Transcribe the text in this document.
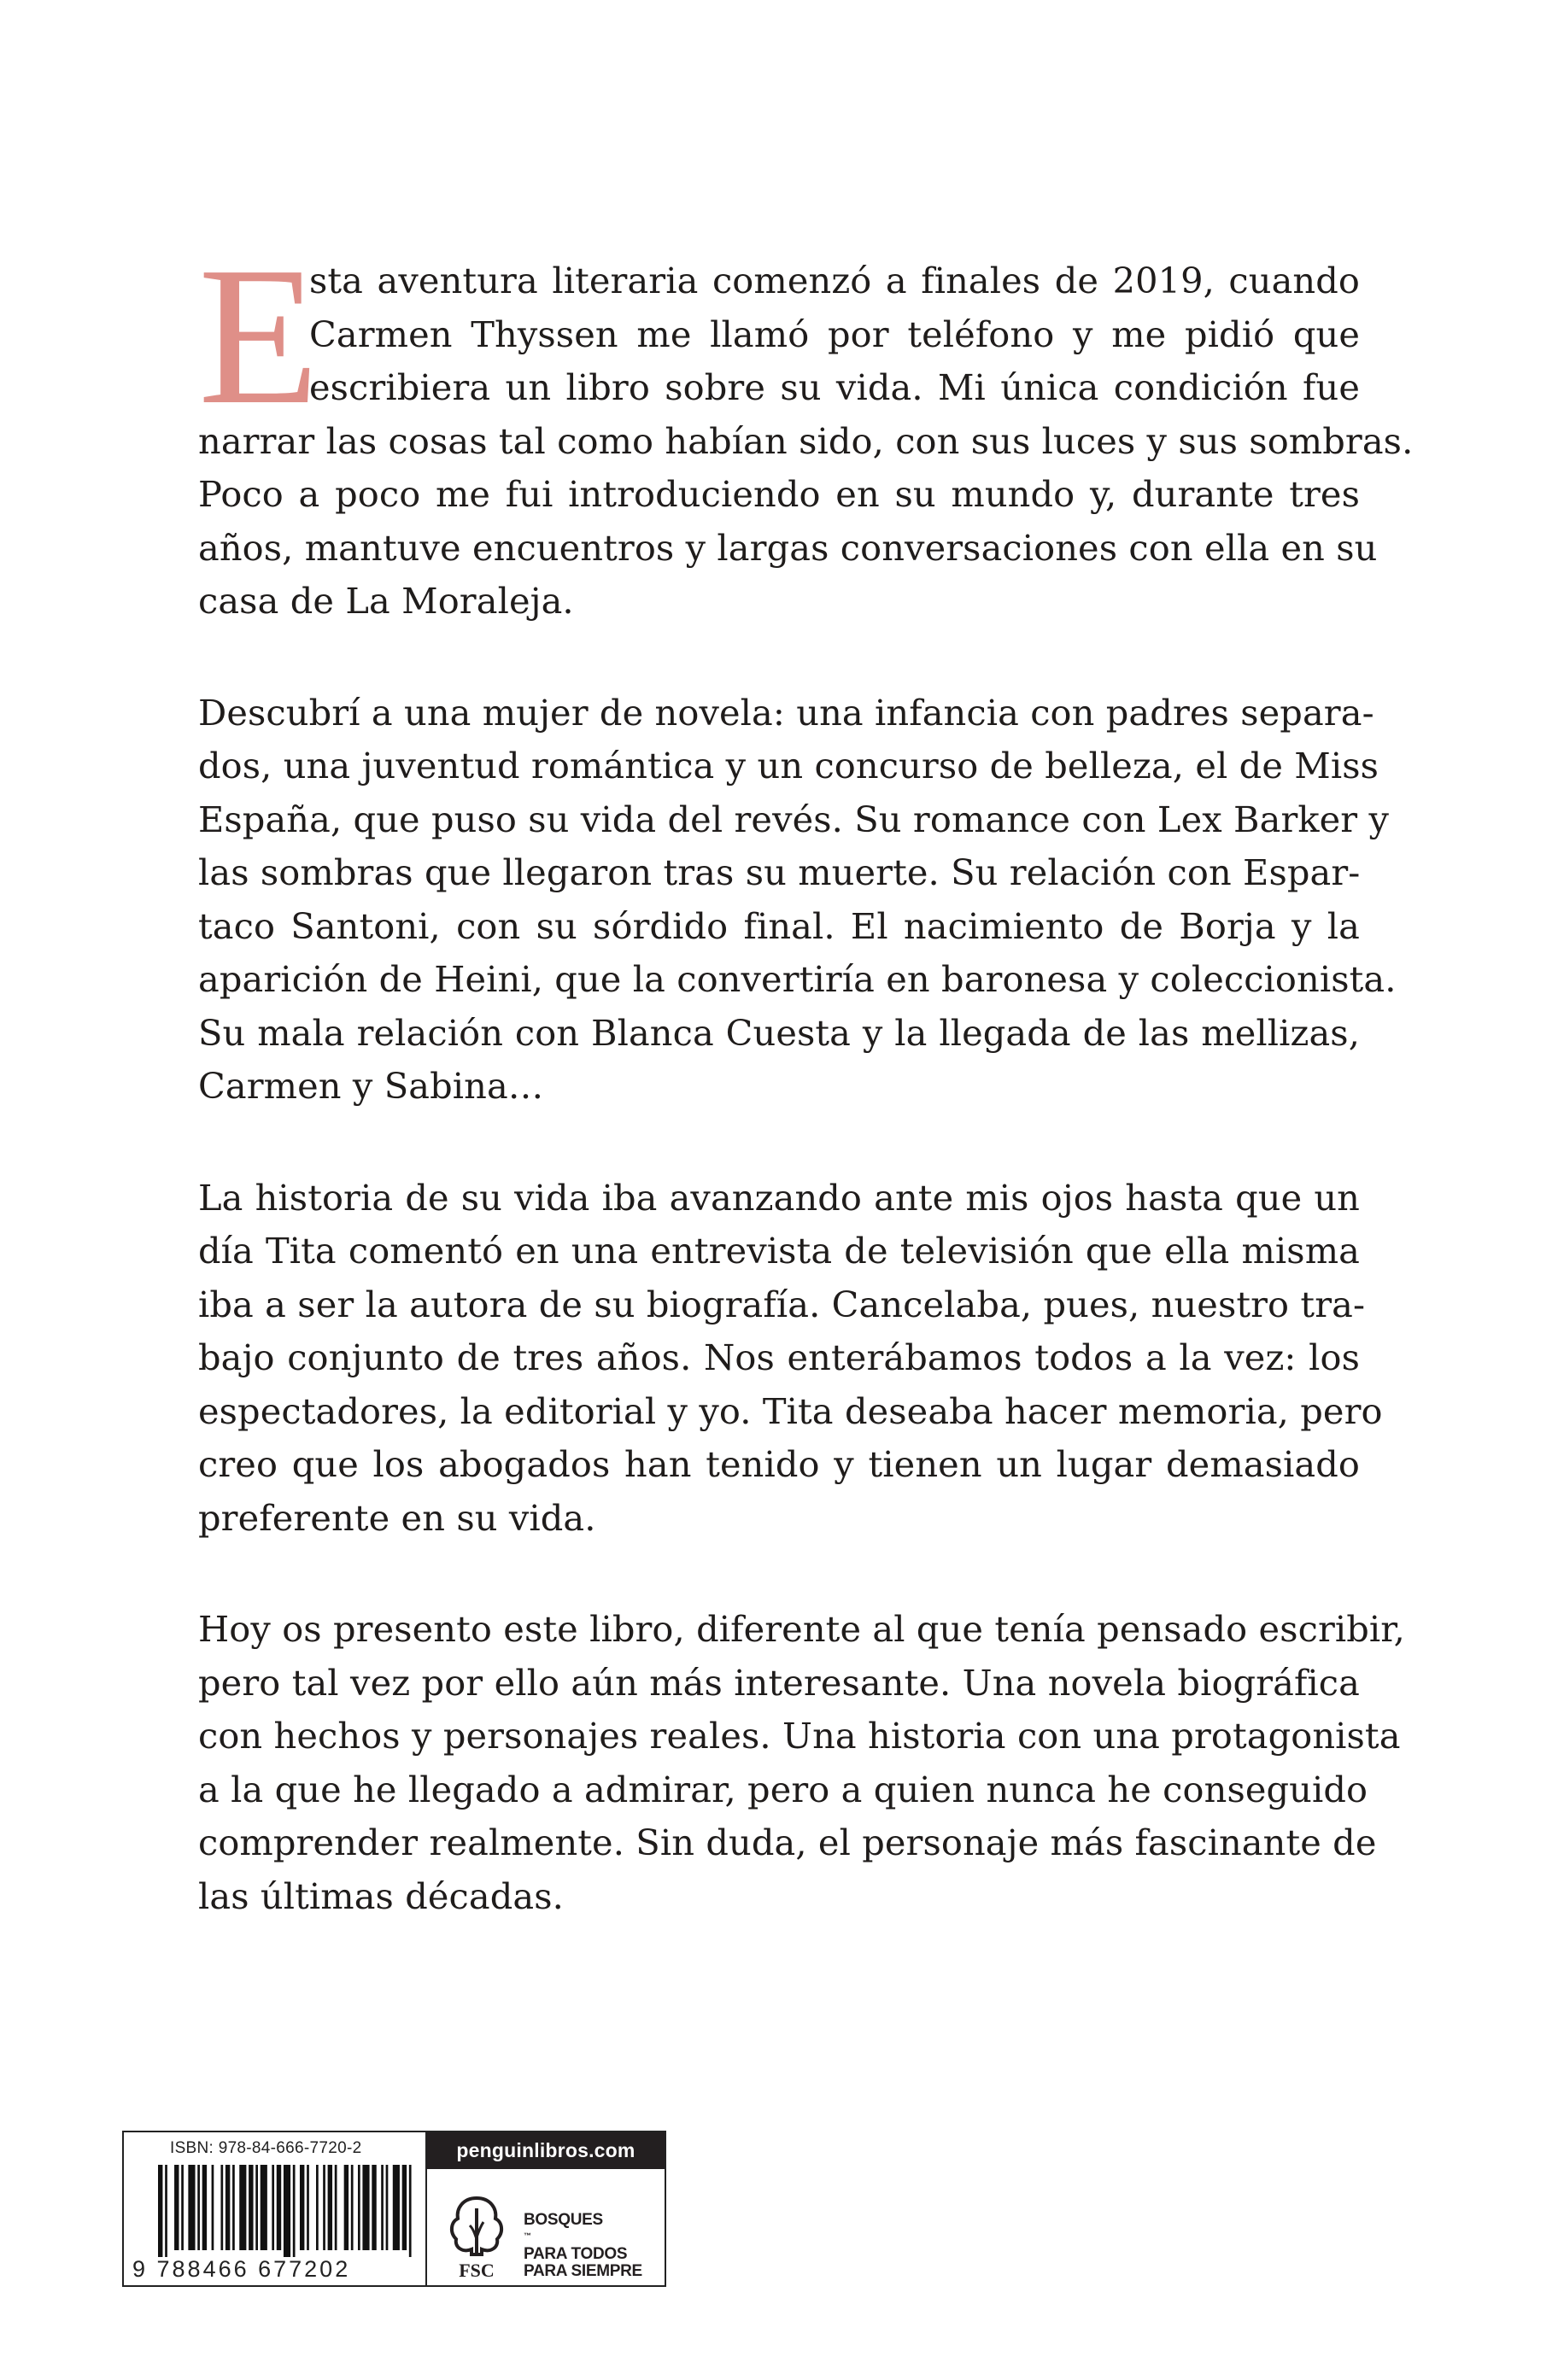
E
sta aventura literaria comenzó a finales de 2019, cuando
Carmen Thyssen me llamó por teléfono y me pidió que
escribiera un libro sobre su vida. Mi única condición fue
narrar las cosas tal como habían sido, con sus luces y sus sombras.
Poco a poco me fui introduciendo en su mundo y, durante tres
años, mantuve encuentros y largas conversaciones con ella en su
casa de La Moraleja.
Descubrí a una mujer de novela: una infancia con padres separa-
dos, una juventud romántica y un concurso de belleza, el de Miss
España, que puso su vida del revés. Su romance con Lex Barker y
las sombras que llegaron tras su muerte. Su relación con Espar-
taco Santoni, con su sórdido final. El nacimiento de Borja y la
aparición de Heini, que la convertiría en baronesa y coleccionista.
Su mala relación con Blanca Cuesta y la llegada de las mellizas,
Carmen y Sabina…
La historia de su vida iba avanzando ante mis ojos hasta que un
día Tita comentó en una entrevista de televisión que ella misma
iba a ser la autora de su biografía. Cancelaba, pues, nuestro tra-
bajo conjunto de tres años. Nos enterábamos todos a la vez: los
espectadores, la editorial y yo. Tita deseaba hacer memoria, pero
creo que los abogados han tenido y tienen un lugar demasiado
preferente en su vida.
Hoy os presento este libro, diferente al que tenía pensado escribir,
pero tal vez por ello aún más interesante. Una novela biográfica
con hechos y personajes reales. Una historia con una protagonista
a la que he llegado a admirar, pero a quien nunca he conseguido
comprender realmente. Sin duda, el personaje más fascinante de
las últimas décadas.
ISBN: 978-84-666-7720-2
9 788466 677202
penguinlibros.com
FSC
BOSQUES
™
PARA TODOS
PARA SIEMPRE
